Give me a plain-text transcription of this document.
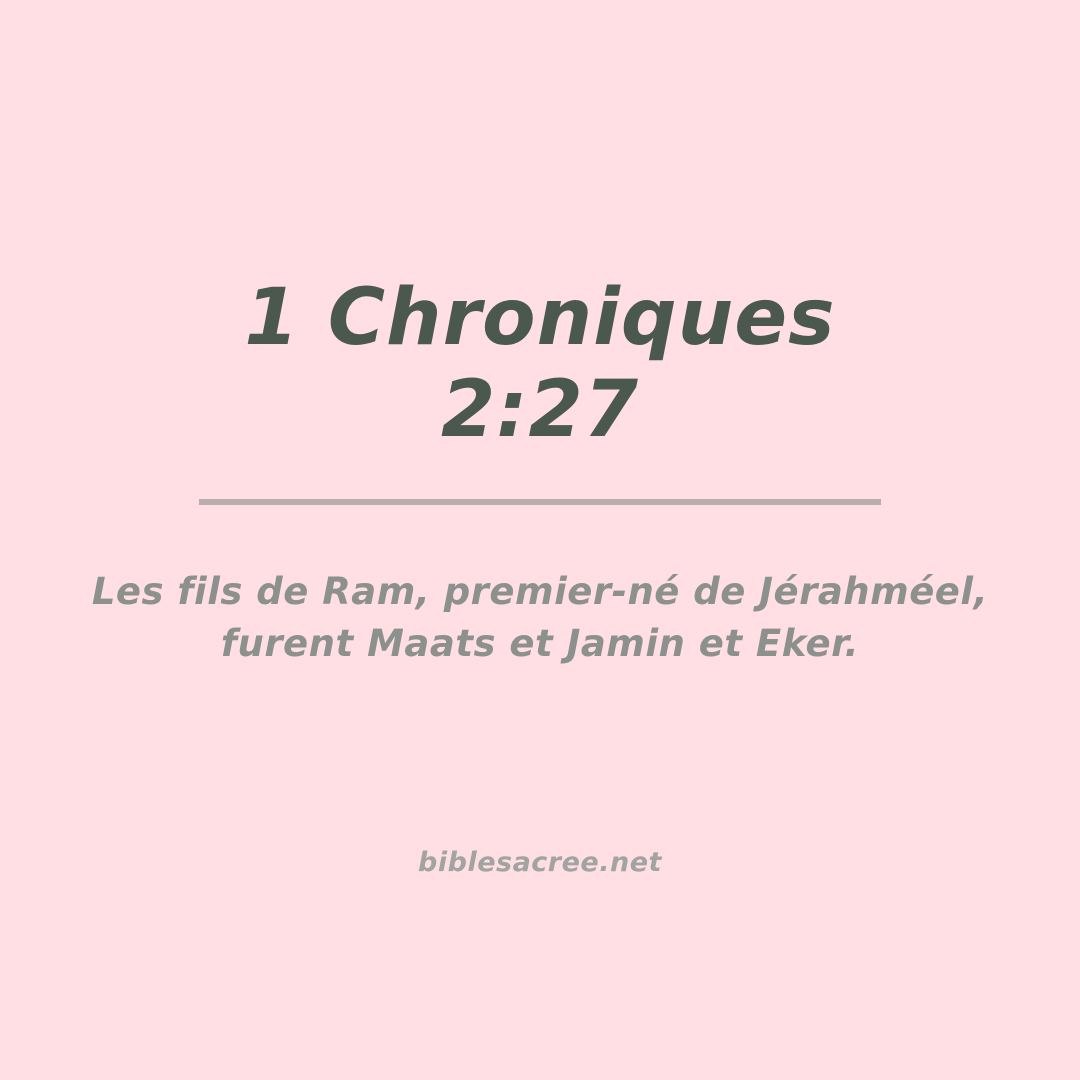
1 Chroniques
2:27
Les fils de Ram, premier-né de Jérahméel,
furent Maats et Jamin et Eker.
biblesacree.net
